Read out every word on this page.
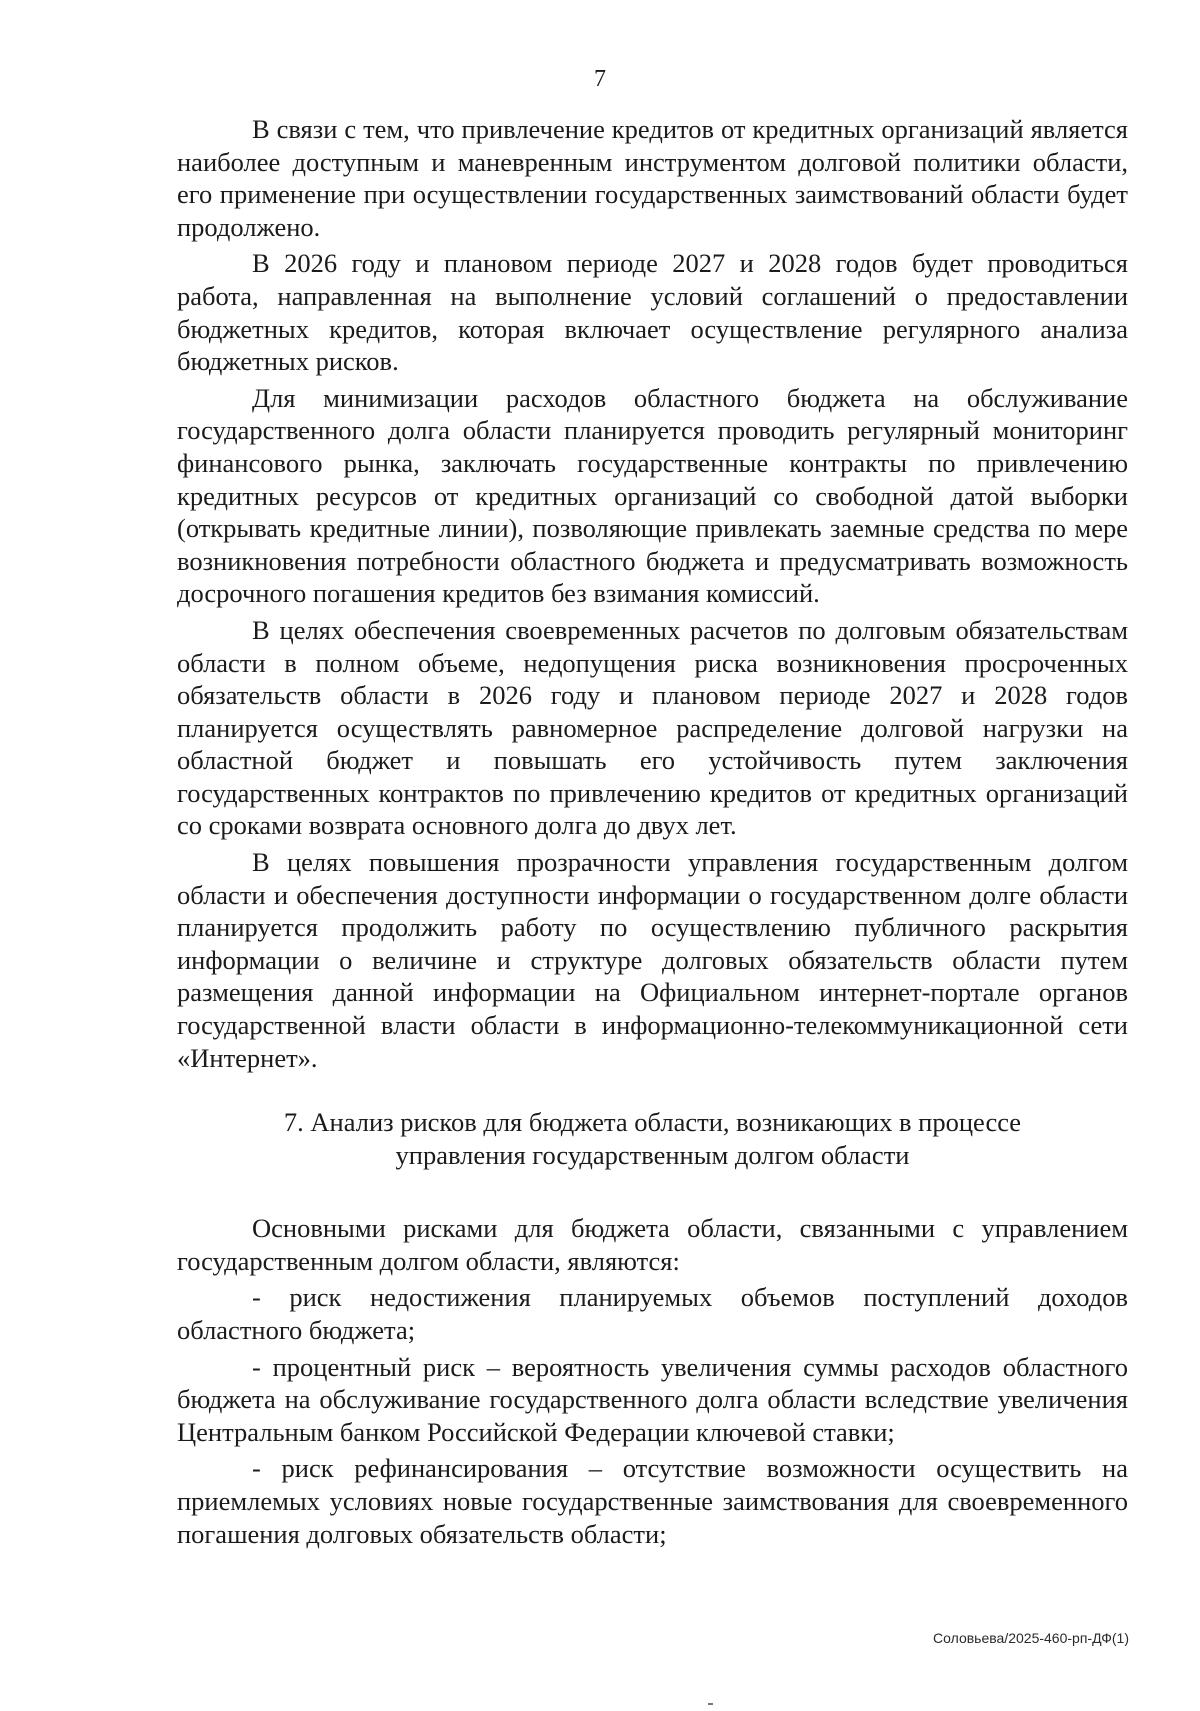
7

В связи с тем, что привлечение кредитов от кредитных организаций является наиболее доступным и маневренным инструментом долговой политики области, его применение при осуществлении государственных заимствований области будет продолжено.

В 2026 году и плановом периоде 2027 и 2028 годов будет проводиться работа, направленная на выполнение условий соглашений о предоставлении бюджетных кредитов, которая включает осуществление регулярного анализа бюджетных рисков.

Для минимизации расходов областного бюджета на обслуживание государственного долга области планируется проводить регулярный мониторинг финансового рынка, заключать государственные контракты по привлечению кредитных ресурсов от кредитных организаций со свободной датой выборки (открывать кредитные линии), позволяющие привлекать заемные средства по мере возникновения потребности областного бюджета и предусматривать возможность досрочного погашения кредитов без взимания комиссий.

В целях обеспечения своевременных расчетов по долговым обязательствам области в полном объеме, недопущения риска возникновения просроченных обязательств области в 2026 году и плановом периоде 2027 и 2028 годов планируется осуществлять равномерное распределение долговой нагрузки на областной бюджет и повышать его устойчивость путем заключения государственных контрактов по привлечению кредитов от кредитных организаций со сроками возврата основного долга до двух лет.

В целях повышения прозрачности управления государственным долгом области и обеспечения доступности информации о государственном долге области планируется продолжить работу по осуществлению публичного раскрытия информации о величине и структуре долговых обязательств области путем размещения данной информации на Официальном интернет-портале органов государственной власти области в информационно-телекоммуникационной сети «Интернет».

7. Анализ рисков для бюджета области, возникающих в процессе
управления государственным долгом области

Основными рисками для бюджета области, связанными с управлением государственным долгом области, являются:

- риск недостижения планируемых объемов поступлений доходов областного бюджета;

- процентный риск – вероятность увеличения суммы расходов областного бюджета на обслуживание государственного долга области вследствие увеличения Центральным банком Российской Федерации ключевой ставки;

- риск рефинансирования – отсутствие возможности осуществить на приемлемых условиях новые государственные заимствования для своевременного погашения долговых обязательств области;

Соловьева/2025-460-рп-ДФ(1)
